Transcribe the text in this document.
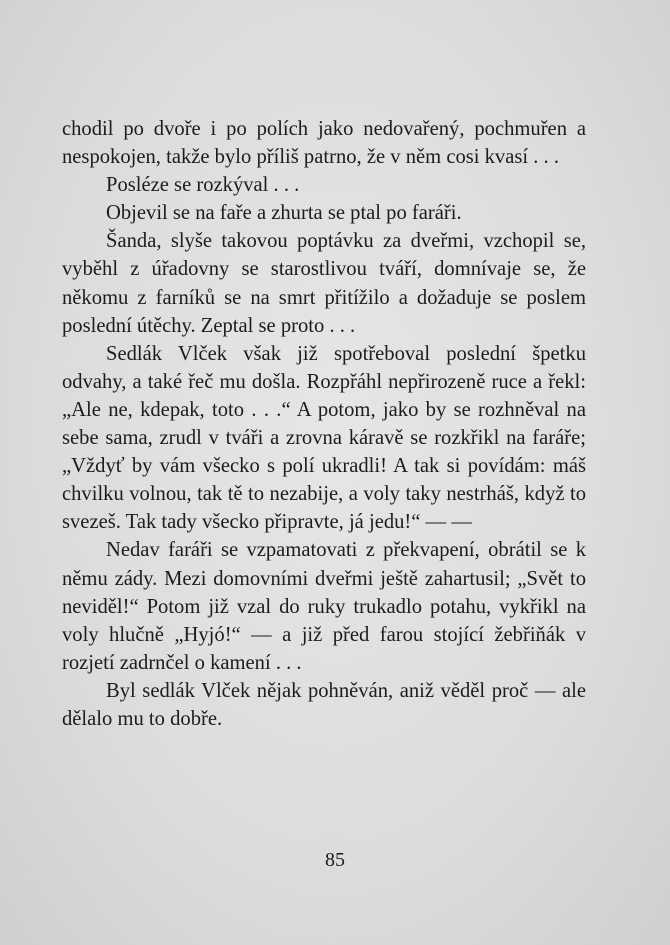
chodil po dvoře i po polích jako nedovařený, pochmuřen a nespokojen, takže bylo příliš patrno, že v něm cosi kvasí . . .

Posléze se rozkýval . . .

Objevil se na faře a zhurta se ptal po faráři.

Šanda, slyše takovou poptávku za dveřmi, vzchopil se, vyběhl z úřadovny se starostlivou tváří, domnívaje se, že někomu z farníků se na smrt přitížilo a dožaduje se poslem poslední útěchy. Zeptal se proto . . .

Sedlák Vlček však již spotřeboval poslední špetku odvahy, a také řeč mu došla. Rozpřáhl nepřirozeně ruce a řekl: „Ale ne, kdepak, toto . . .“ A potom, jako by se rozhněval na sebe sama, zrudl v tváři a zrovna káravě se rozkřikl na faráře; „Vždyť by vám všecko s polí ukradli! A tak si povídám: máš chvilku volnou, tak tě to nezabije, a voly taky nestrháš, když to svezeš. Tak tady všecko připravte, já jedu!“ — —

Nedav faráři se vzpamatovati z překvapení, obrátil se k němu zády. Mezi domovními dveřmi ještě zahartusil; „Svět to neviděl!“ Potom již vzal do ruky trukadlo potahu, vykřikl na voly hlučně „Hyjó!“ — a již před farou stojící žebřiňák v rozjetí zadrnčel o kamení . . .

Byl sedlák Vlček nějak pohněván, aniž věděl proč — ale dělalo mu to dobře.

85
